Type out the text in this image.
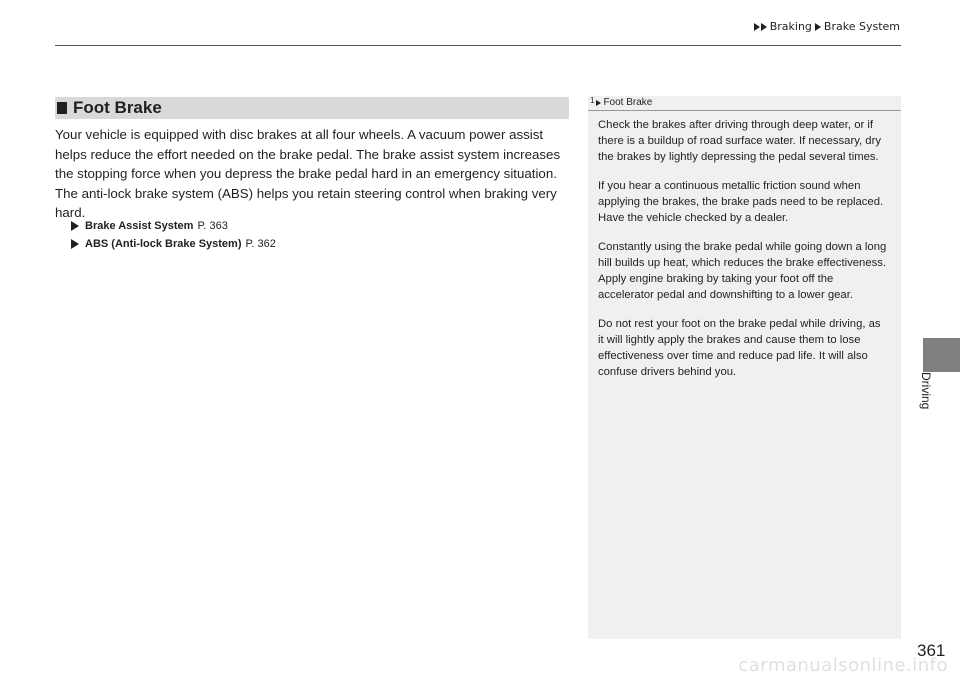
Braking Brake System
Foot Brake

Your vehicle is equipped with disc brakes at all four wheels. A vacuum power assist helps reduce the effort needed on the brake pedal. The brake assist system increases the stopping force when you depress the brake pedal hard in an emergency situation. The anti-lock brake system (ABS) helps you retain steering control when braking very hard.

Brake Assist System P. 363
ABS (Anti-lock Brake System) P. 362
1 Foot Brake

Check the brakes after driving through deep water, or if there is a buildup of road surface water. If necessary, dry the brakes by lightly depressing the pedal several times.

If you hear a continuous metallic friction sound when applying the brakes, the brake pads need to be replaced. Have the vehicle checked by a dealer.

Constantly using the brake pedal while going down a long hill builds up heat, which reduces the brake effectiveness. Apply engine braking by taking your foot off the accelerator pedal and downshifting to a lower gear.

Do not rest your foot on the brake pedal while driving, as it will lightly apply the brakes and cause them to lose effectiveness over time and reduce pad life. It will also confuse drivers behind you.	Driving
361
carmanualsonline.info
